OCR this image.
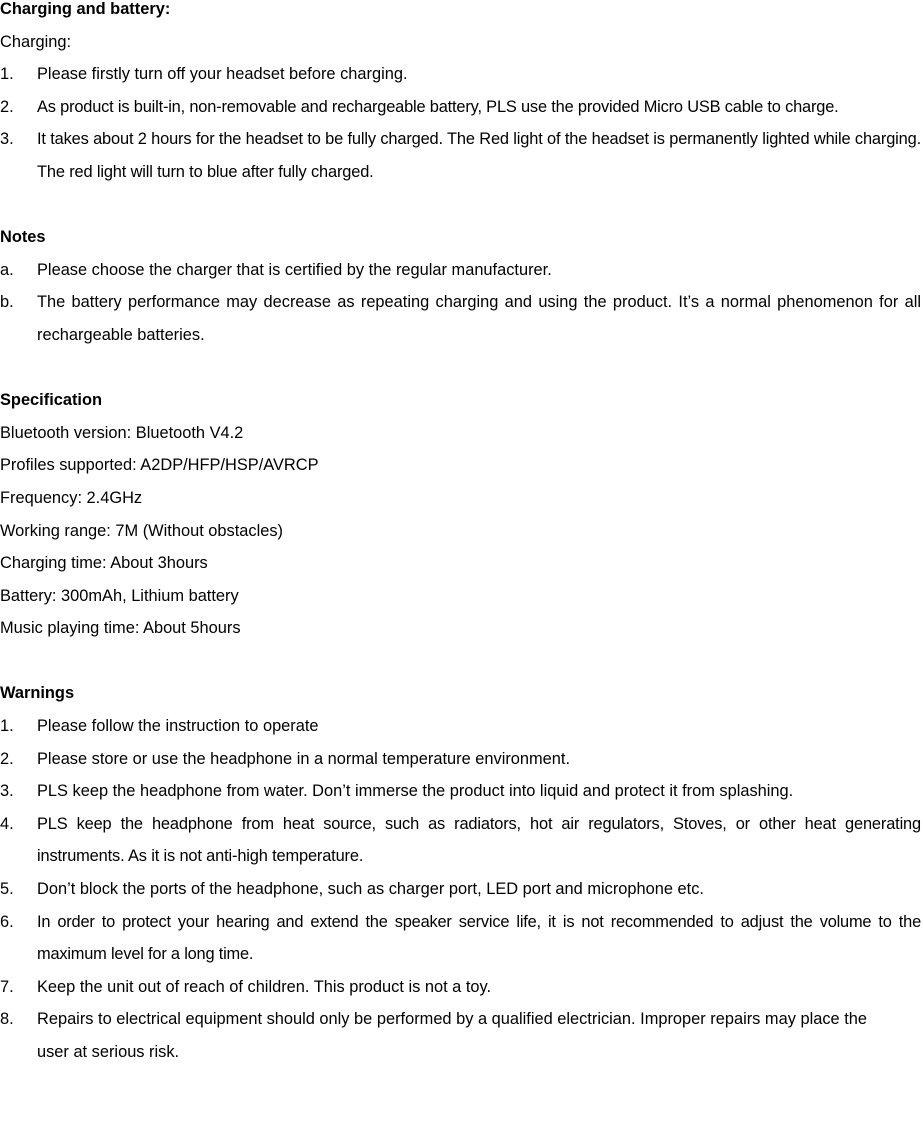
Charging and battery:

Charging:

1. Please firstly turn off your headset before charging.
2. As product is built-in, non-removable and rechargeable battery, PLS use the provided Micro USB cable to charge.
3. It takes about 2 hours for the headset to be fully charged. The Red light of the headset is permanently lighted while charging. The red light will turn to blue after fully charged.

Notes

a. Please choose the charger that is certified by the regular manufacturer.
b. The battery performance may decrease as repeating charging and using the product. It’s a normal phenomenon for all rechargeable batteries.

Specification

Bluetooth version: Bluetooth V4.2

Profiles supported: A2DP/HFP/HSP/AVRCP

Frequency: 2.4GHz

Working range: 7M (Without obstacles)

Charging time: About 3hours

Battery: 300mAh, Lithium battery

Music playing time: About 5hours

Warnings

1. Please follow the instruction to operate
2. Please store or use the headphone in a normal temperature environment.
3. PLS keep the headphone from water. Don’t immerse the product into liquid and protect it from splashing.
4. PLS keep the headphone from heat source, such as radiators, hot air regulators, Stoves, or other heat generating instruments. As it is not anti-high temperature.
5. Don’t block the ports of the headphone, such as charger port, LED port and microphone etc.
6. In order to protect your hearing and extend the speaker service life, it is not recommended to adjust the volume to the maximum level for a long time.
7. Keep the unit out of reach of children. This product is not a toy.
8. Repairs to electrical equipment should only be performed by a qualified electrician. Improper repairs may place the user at serious risk.
